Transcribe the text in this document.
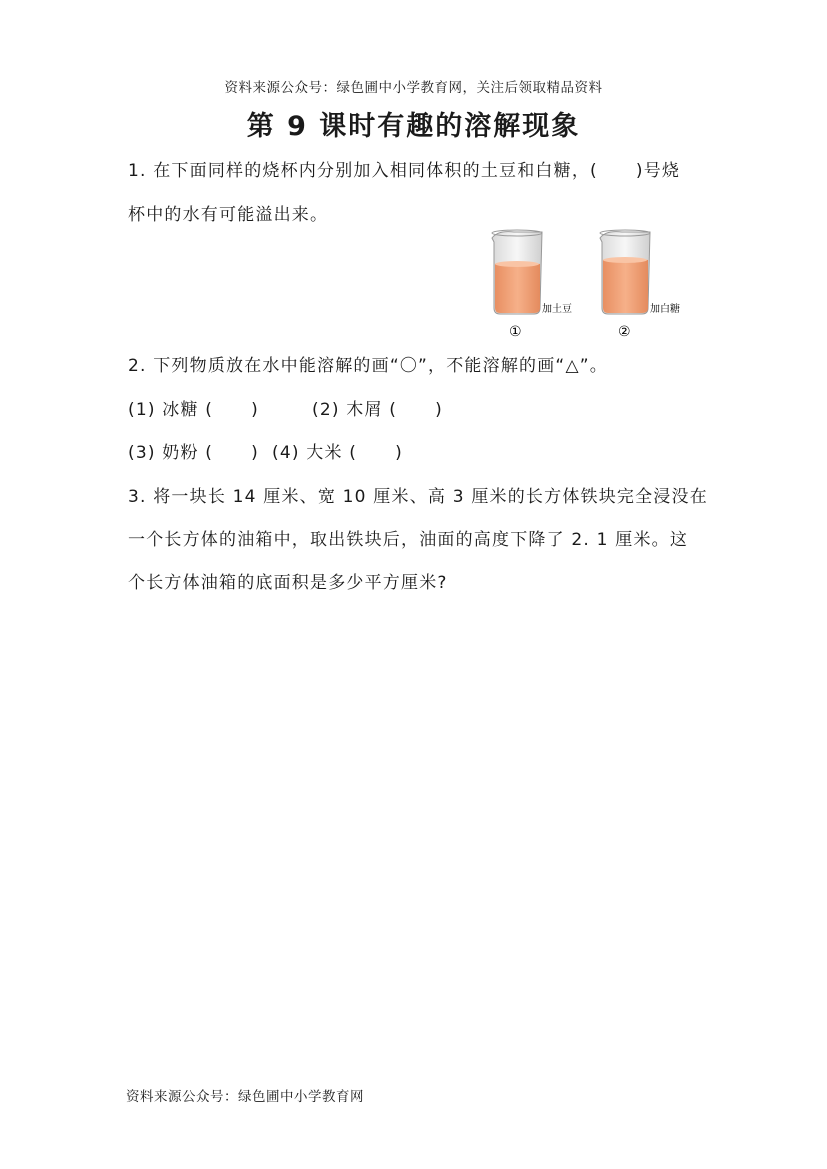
资料来源公众号：绿色圃中小学教育网，关注后领取精品资料
第 9 课时有趣的溶解现象
1. 在下面同样的烧杯内分别加入相同体积的土豆和白糖，( )号烧
杯中的水有可能溢出来。
加土豆
①
加白糖
②
2. 下列物质放在水中能溶解的画“〇”，不能溶解的画“△”。
(1) 冰糖 ( )	(2) 木屑 ( )
(3) 奶粉 ( ) (4) 大米 ( )
3. 将一块长 14 厘米、宽 10 厘米、高 3 厘米的长方体铁块完全浸没在
一个长方体的油箱中，取出铁块后，油面的高度下降了 2. 1 厘米。这
个长方体油箱的底面积是多少平方厘米?
资料来源公众号：绿色圃中小学教育网
